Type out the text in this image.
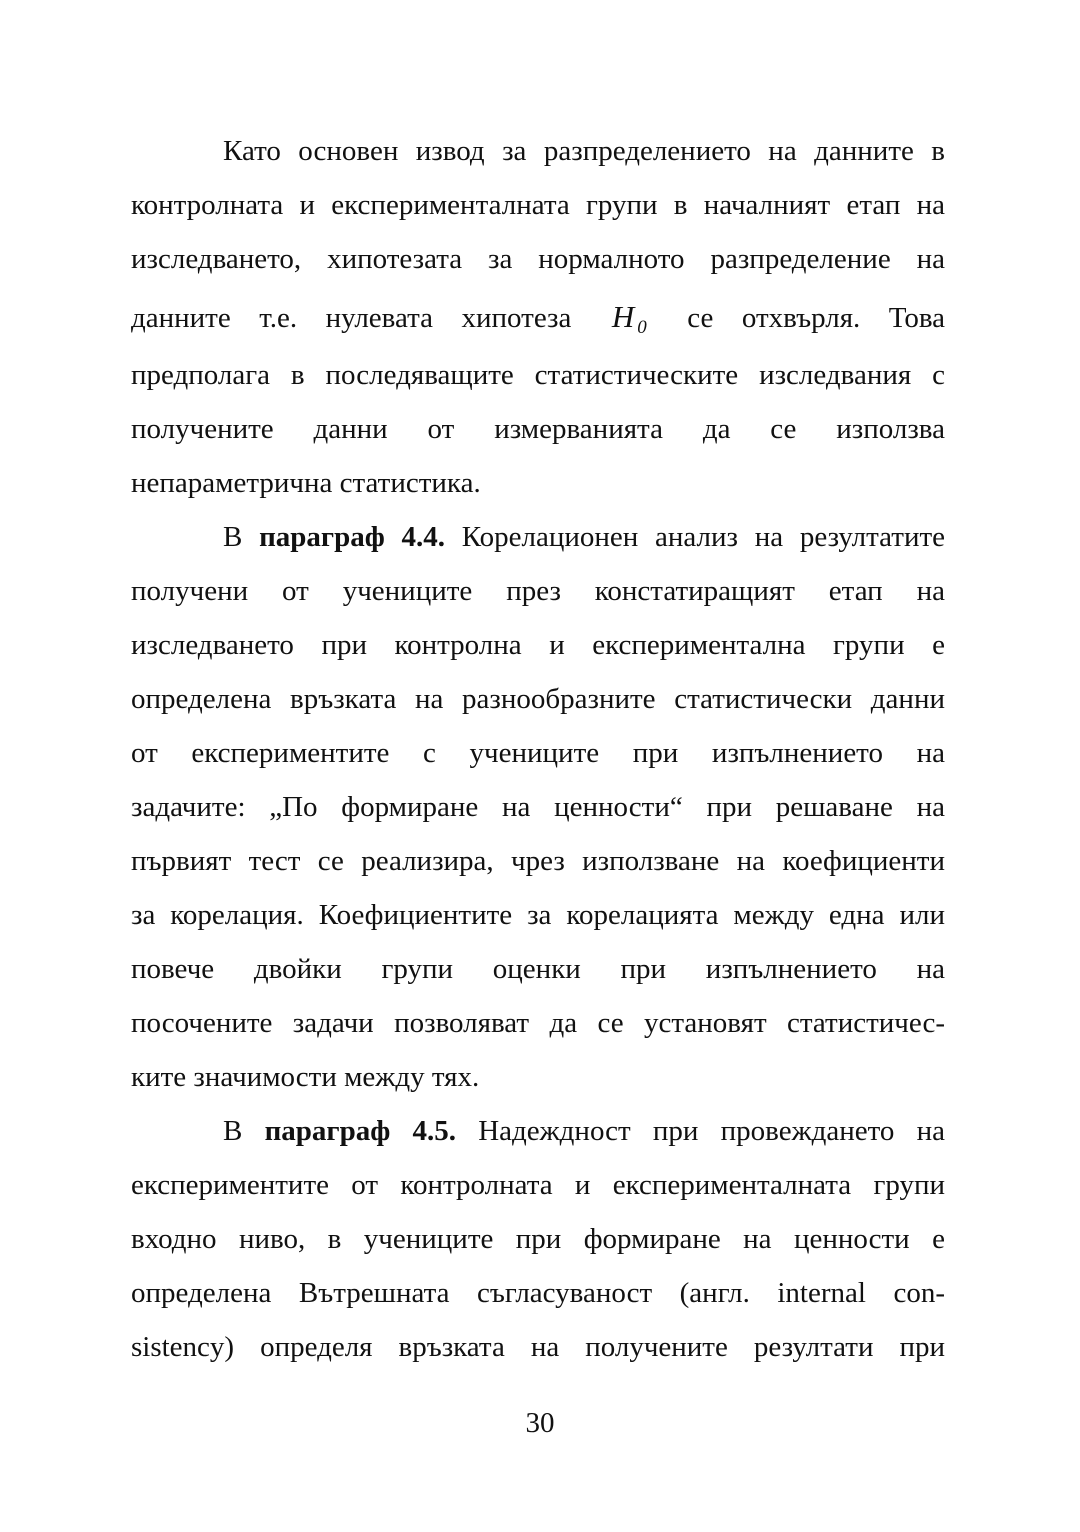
Като основен извод за разпределението на данните в
контролната и експерименталната групи в началният етап на
изследването, хипотезата за нормалното разпределение на
данните т.е. нулевата хипотеза H $_0$ се отхвърля. Това
предполага в последяващите статистическите изследвания с
получените данни от измерванията да се използва
непараметрична статистика.
В параграф 4.4. Корелационен анализ на резултатите
получени от учениците през констатиращият етап на
изследването при контролна и експериментална групи е
определена връзката на разнообразните статистически данни
от експериментите с учениците при изпълнението на
задачите: „По формиране на ценности“ при решаване на
първият тест се реализира, чрез използване на коефициенти
за корелация. Коефициентите за корелацията между една или
повече двойки групи оценки при изпълнението на
посочените задачи позволяват да се установят статистичес-
ките значимости между тях.
В параграф 4.5. Надеждност при провеждането на
експериментите от контролната и експерименталната групи
входно ниво, в учениците при формиране на ценности е
определена Вътрешната съгласуваност (англ. internal con-
sistency) определя връзката на получените резултати при
30
